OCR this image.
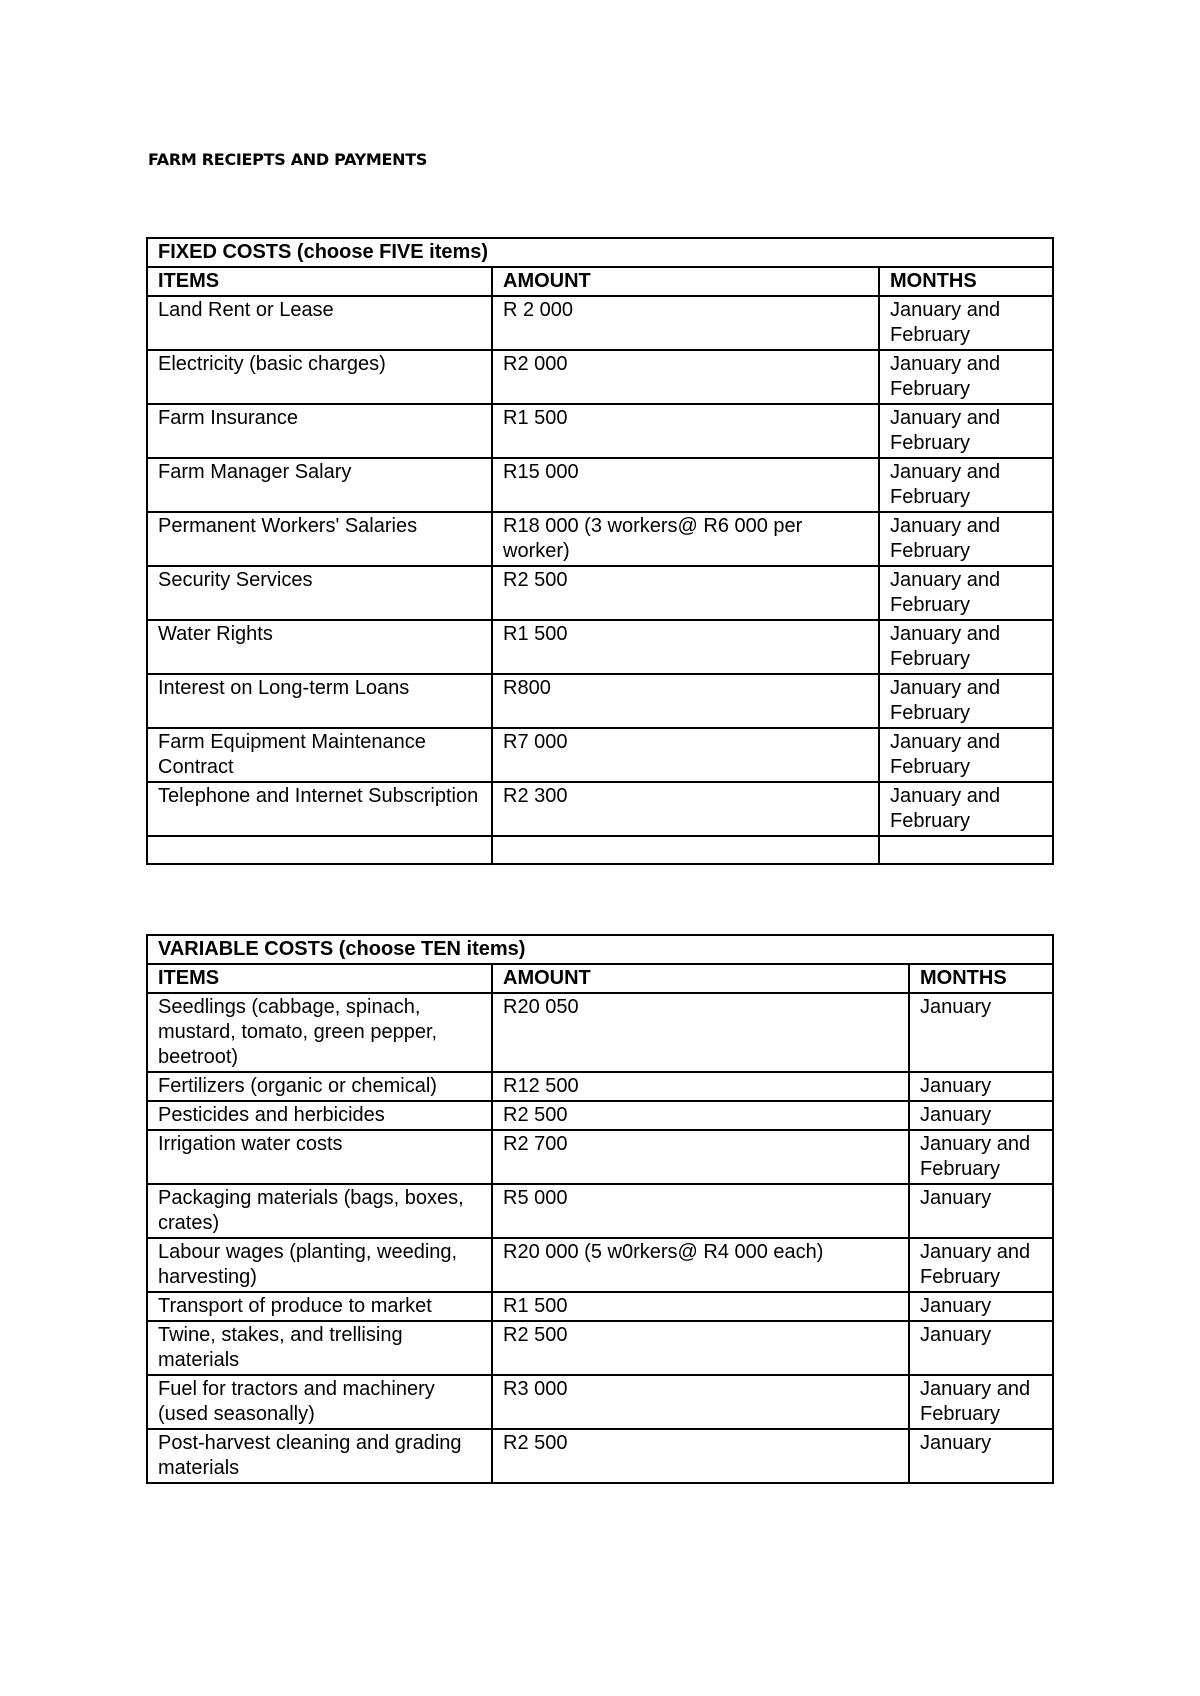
FARM RECIEPTS AND PAYMENTS
FIXED COSTS (choose FIVE items)		
ITEMS	AMOUNT	MONTHS
Land Rent or Lease	R 2 000	January and February
Electricity (basic charges)	R2 000	January and February
Farm Insurance	R1 500	January and February
Farm Manager Salary	R15 000	January and February
Permanent Workers' Salaries	R18 000 (3 workers@ R6 000 per worker)	January and February
Security Services	R2 500	January and February
Water Rights	R1 500	January and February
Interest on Long-term Loans	R800	January and February
Farm Equipment Maintenance Contract	R7 000	January and February
Telephone and Internet Subscription	R2 300	January and February

VARIABLE COSTS (choose TEN items)		
ITEMS	AMOUNT	MONTHS
Seedlings (cabbage, spinach, mustard, tomato, green pepper, beetroot)	R20 050	January
Fertilizers (organic or chemical)	R12 500	January
Pesticides and herbicides	R2 500	January
Irrigation water costs	R2 700	January and February
Packaging materials (bags, boxes, crates)	R5 000	January
Labour wages (planting, weeding, harvesting)	R20 000 (5 w0rkers@ R4 000 each)	January and February
Transport of produce to market	R1 500	January
Twine, stakes, and trellising materials	R2 500	January
Fuel for tractors and machinery (used seasonally)	R3 000	January and February
Post-harvest cleaning and grading materials	R2 500	January
